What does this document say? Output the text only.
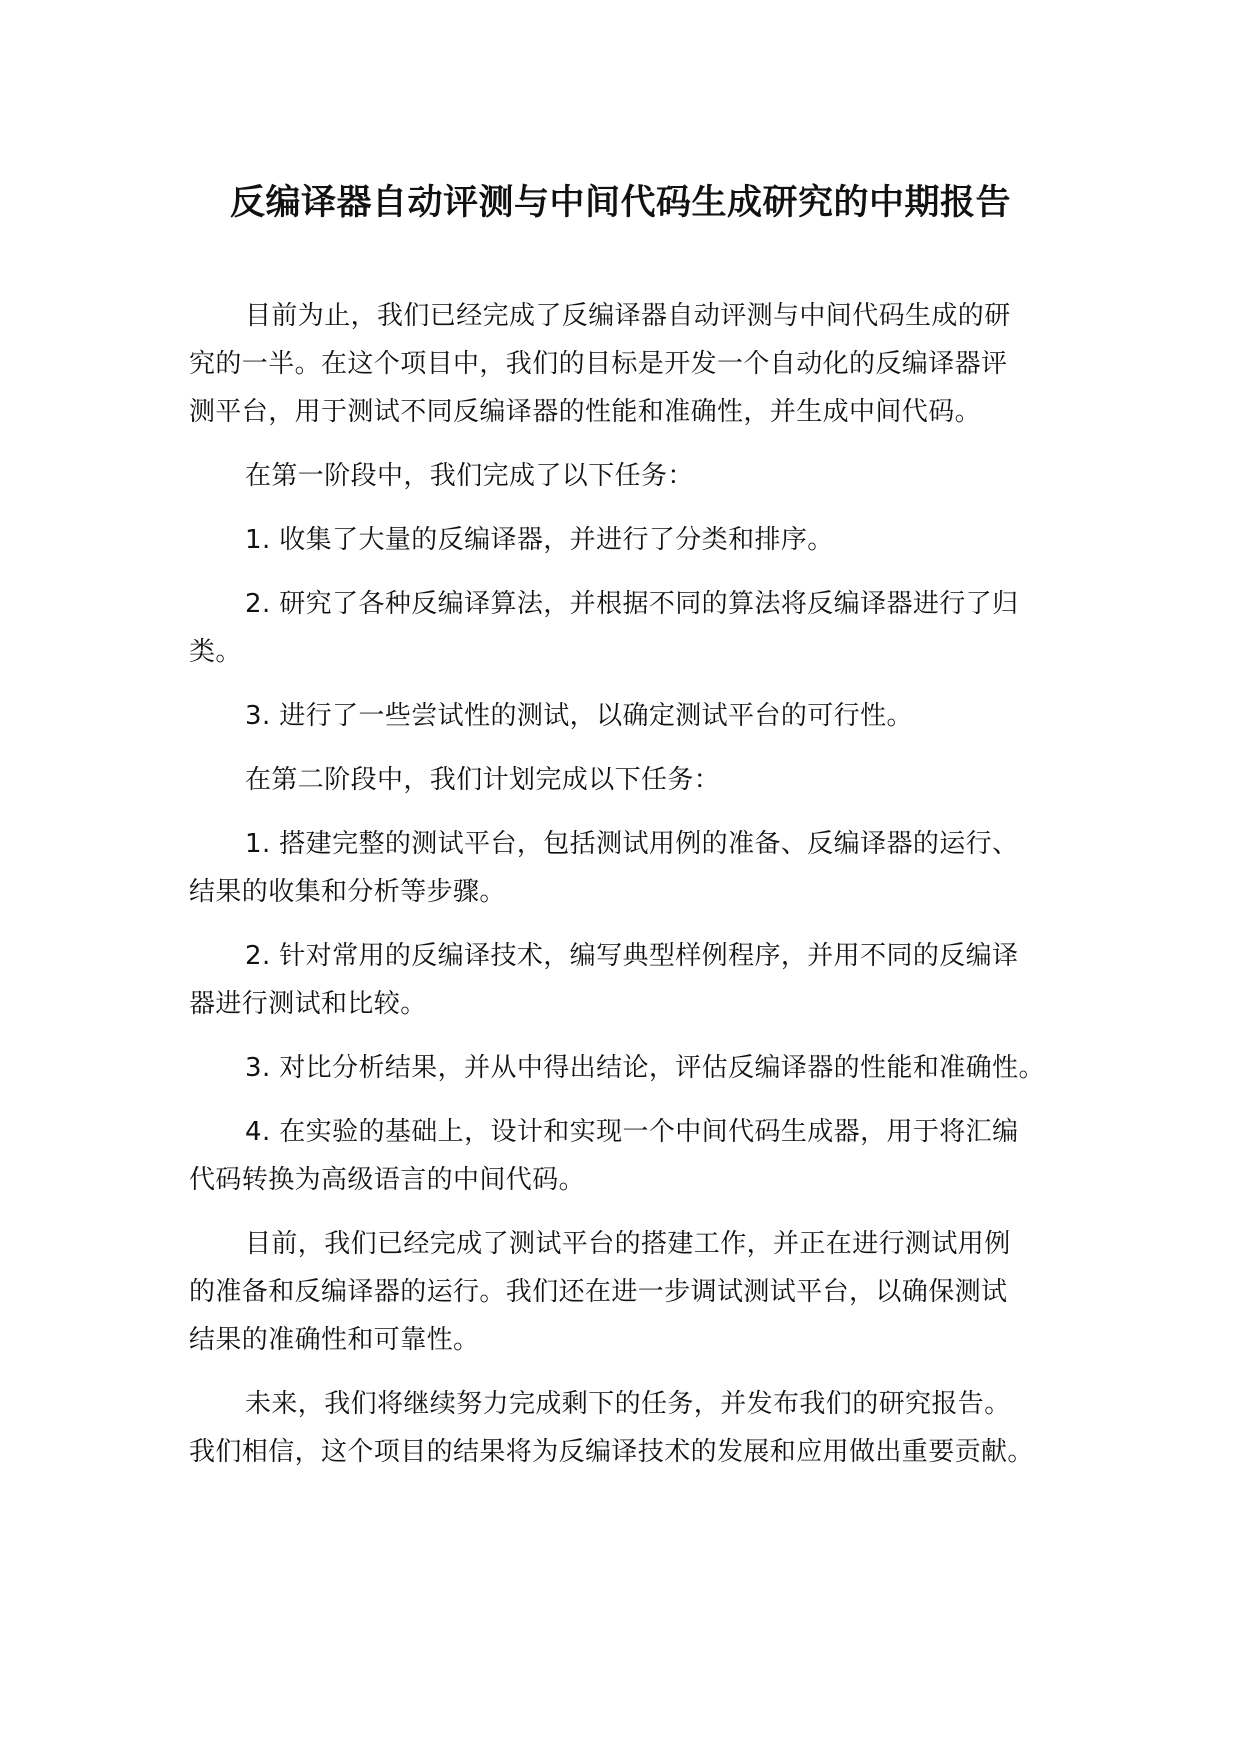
反编译器自动评测与中间代码生成研究的中期报告

目前为止，我们已经完成了反编译器自动评测与中间代码生成的研
究的一半。在这个项目中，我们的目标是开发一个自动化的反编译器评
测平台，用于测试不同反编译器的性能和准确性，并生成中间代码。

在第一阶段中，我们完成了以下任务：

1. 收集了大量的反编译器，并进行了分类和排序。

2. 研究了各种反编译算法，并根据不同的算法将反编译器进行了归
类。

3. 进行了一些尝试性的测试，以确定测试平台的可行性。

在第二阶段中，我们计划完成以下任务：

1. 搭建完整的测试平台，包括测试用例的准备、反编译器的运行、
结果的收集和分析等步骤。

2. 针对常用的反编译技术，编写典型样例程序，并用不同的反编译
器进行测试和比较。

3. 对比分析结果，并从中得出结论，评估反编译器的性能和准确性。

4. 在实验的基础上，设计和实现一个中间代码生成器，用于将汇编
代码转换为高级语言的中间代码。

目前，我们已经完成了测试平台的搭建工作，并正在进行测试用例
的准备和反编译器的运行。我们还在进一步调试测试平台，以确保测试
结果的准确性和可靠性。

未来，我们将继续努力完成剩下的任务，并发布我们的研究报告。
我们相信，这个项目的结果将为反编译技术的发展和应用做出重要贡献。
